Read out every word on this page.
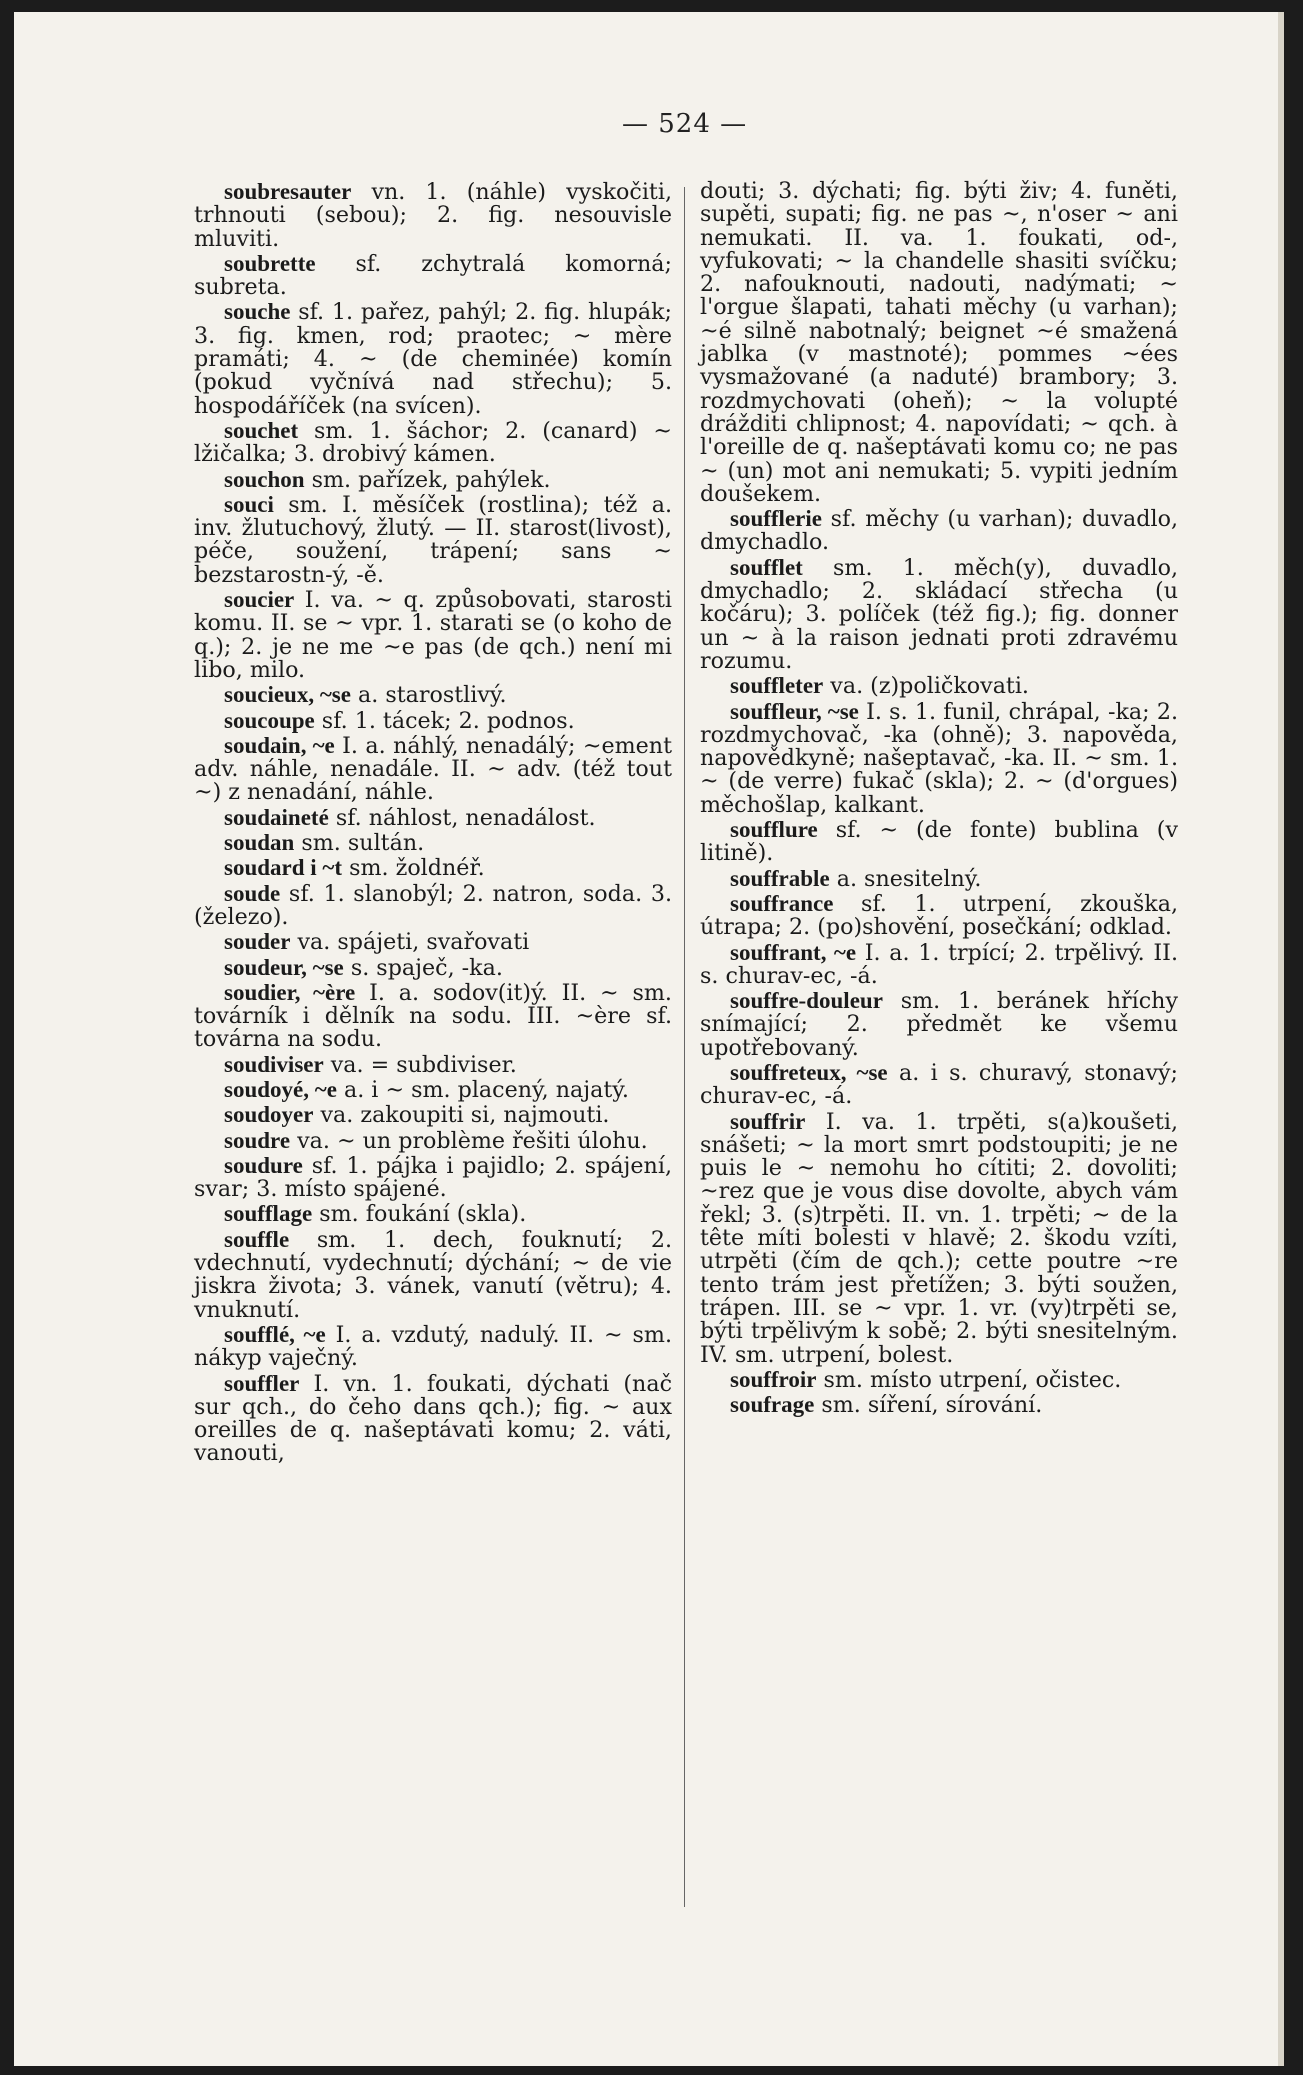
— 524 —
soubresauter vn. 1. (náhle) vyskočiti, trhnouti (sebou); 2. fig. nesouvisle mluviti.
soubrette sf. zchytralá komorná; subreta.
souche sf. 1. pařez, pahýl; 2. fig. hlupák; 3. fig. kmen, rod; praotec; ~ mère pramáti; 4. ~ (de cheminée) komín (pokud vyčnívá nad střechu); 5. hospodáříček (na svícen).
souchet sm. 1. šáchor; 2. (canard) ~ lžičalka; 3. drobivý kámen.
souchon sm. pařízek, pahýlek.
souci sm. I. měsíček (rostlina); též a. inv. žlutuchový, žlutý. — II. starost(livost), péče, soužení, trápení; sans ~ bezstarostn-ý, -ě.
soucier I. va. ~ q. způsobovati, starosti komu. II. se ~ vpr. 1. starati se (o koho de q.); 2. je ne me ~e pas (de qch.) není mi libo, milo.
soucieux, ~se a. starostlivý.
soucoupe sf. 1. tácek; 2. podnos.
soudain, ~e I. a. náhlý, nenadálý; ~ement adv. náhle, nenadále. II. ~ adv. (též tout ~) z nenadání, náhle.
soudaineté sf. náhlost, nenadálost.
soudan sm. sultán.
soudard i ~t sm. žoldnéř.
soude sf. 1. slanobýl; 2. natron, soda. 3. (železo).
souder va. spájeti, svařovati
soudeur, ~se s. spaječ, -ka.
soudier, ~ère I. a. sodov(it)ý. II. ~ sm. továrník i dělník na sodu. III. ~ère sf. továrna na sodu.
soudiviser va. = subdiviser.
soudoyé, ~e a. i ~ sm. placený, najatý.
soudoyer va. zakoupiti si, najmouti.
soudre va. ~ un problème řešiti úlohu.
soudure sf. 1. pájka i pajidlo; 2. spájení, svar; 3. místo spájené.
soufflage sm. foukání (skla).
souffle sm. 1. dech, fouknutí; 2. vdechnutí, vydechnutí; dýchání; ~ de vie jiskra života; 3. vánek, vanutí (větru); 4. vnuknutí.
soufflé, ~e I. a. vzdutý, nadulý. II. ~ sm. nákyp vaječný.
souffler I. vn. 1. foukati, dýchati (nač sur qch., do čeho dans qch.); fig. ~ aux oreilles de q. našeptávati komu; 2. váti, vanouti,
douti; 3. dýchati; fig. býti živ; 4. funěti, supěti, supati; fig. ne pas ~, n'oser ~ ani nemukati. II. va. 1. foukati, od-, vyfukovati; ~ la chandelle shasiti svíčku; 2. nafouknouti, nadouti, nadýmati; ~ l'orgue šlapati, tahati měchy (u varhan); ~é silně nabotnalý; beignet ~é smažená jablka (v mastnoté); pommes ~ées vysmažované (a naduté) brambory; 3. rozdmychovati (oheň); ~ la volupté drážditi chlipnost; 4. napovídati; ~ qch. à l'oreille de q. našeptávati komu co; ne pas ~ (un) mot ani nemukati; 5. vypiti jedním doušekem.
soufflerie sf. měchy (u varhan); duvadlo, dmychadlo.
soufflet sm. 1. měch(y), duvadlo, dmychadlo; 2. skládací střecha (u kočáru); 3. políček (též fig.); fig. donner un ~ à la raison jednati proti zdravému rozumu.
souffleter va. (z)poličkovati.
souffleur, ~se I. s. 1. funil, chrápal, -ka; 2. rozdmychovač, -ka (ohně); 3. napověda, napovědkyně; našeptavač, -ka. II. ~ sm. 1. ~ (de verre) fukač (skla); 2. ~ (d'orgues) měchošlap, kalkant.
soufflure sf. ~ (de fonte) bublina (v litině).
souffrable a. snesitelný.
souffrance sf. 1. utrpení, zkouška, útrapa; 2. (po)shovění, posečkání; odklad.
souffrant, ~e I. a. 1. trpící; 2. trpělivý. II. s. churav-ec, -á.
souffre-douleur sm. 1. beránek hříchy snímající; 2. předmět ke všemu upotřebovaný.
souffreteux, ~se a. i s. churavý, stonavý; churav-ec, -á.
souffrir I. va. 1. trpěti, s(a)koušeti, snášeti; ~ la mort smrt podstoupiti; je ne puis le ~ nemohu ho cítiti; 2. dovoliti; ~rez que je vous dise dovolte, abych vám řekl; 3. (s)trpěti. II. vn. 1. trpěti; ~ de la tête míti bolesti v hlavě; 2. škodu vzíti, utrpěti (čím de qch.); cette poutre ~re tento trám jest přetížen; 3. býti soužen, trápen. III. se ~ vpr. 1. vr. (vy)trpěti se, býti trpělivým k sobě; 2. býti snesitelným. IV. sm. utrpení, bolest.
souffroir sm. místo utrpení, očistec.
soufrage sm. síření, sírování.
